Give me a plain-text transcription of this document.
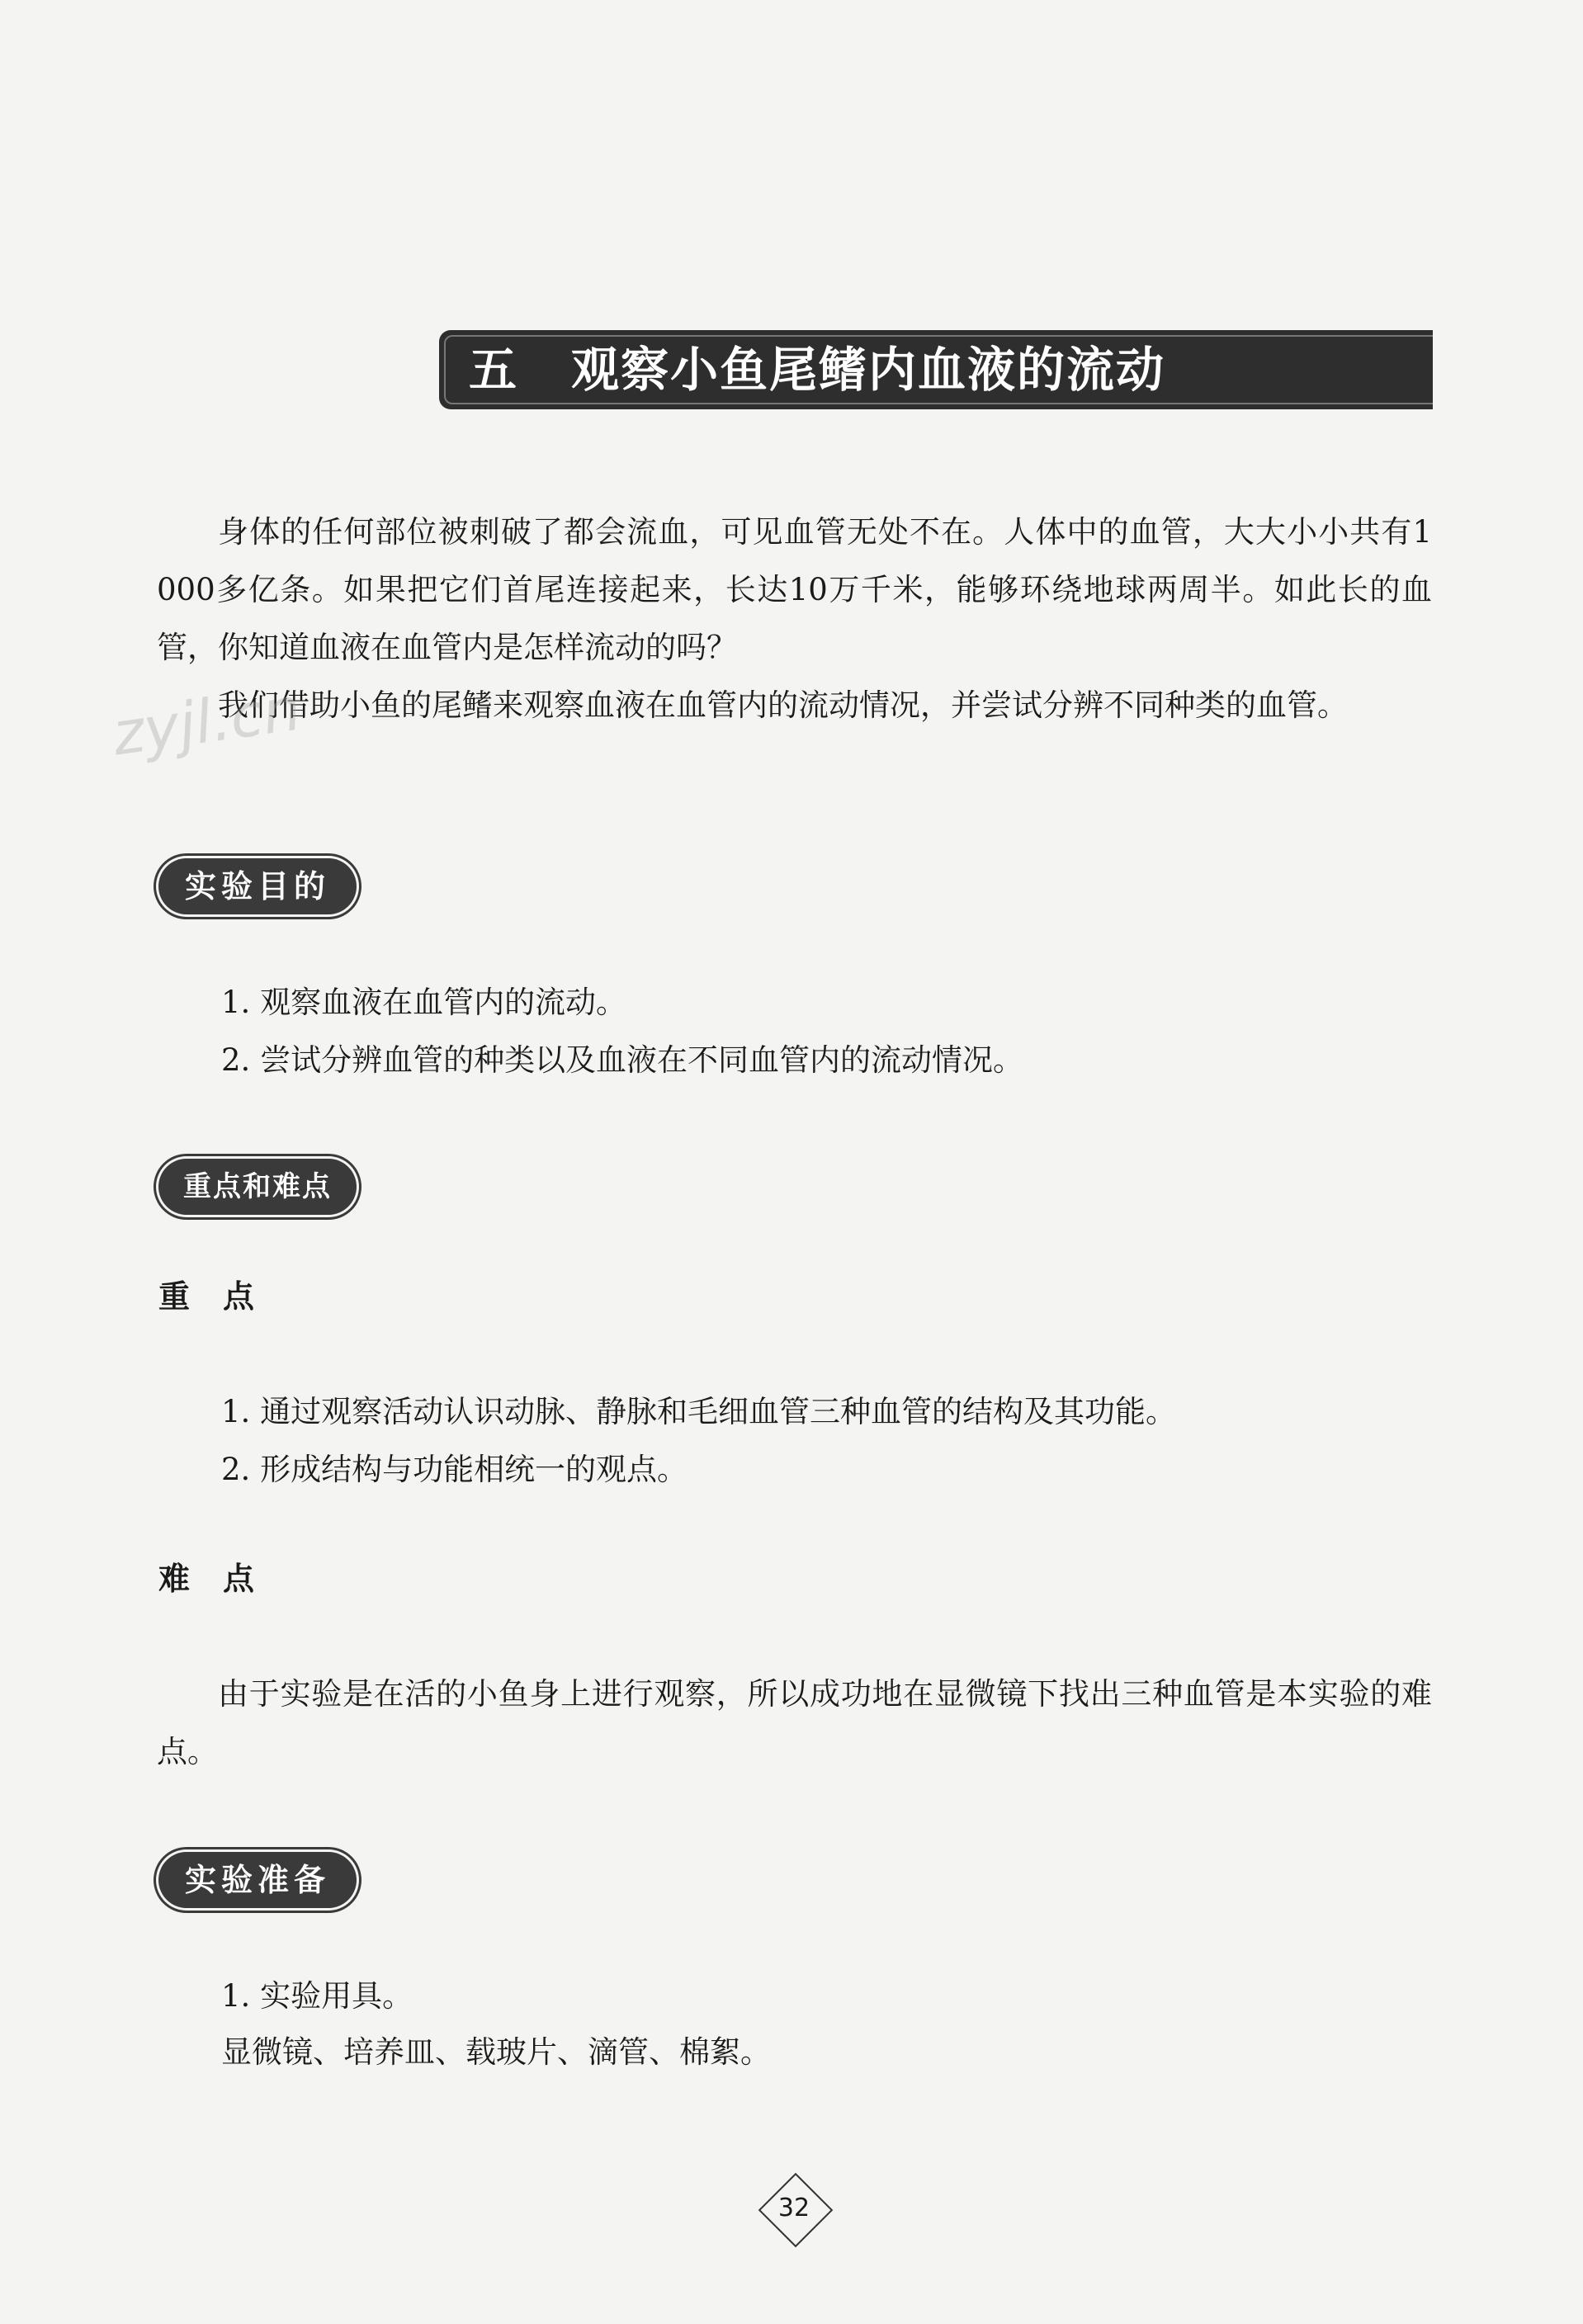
五 观察小鱼尾鳍内血液的流动
身体的任何部位被刺破了都会流血，可见血管无处不在。人体中的血管，大大小小共有1 000多亿条。如果把它们首尾连接起来，长达10万千米，能够环绕地球两周半。如此长的血管，你知道血液在血管内是怎样流动的吗？
我们借助小鱼的尾鳍来观察血液在血管内的流动情况，并尝试分辨不同种类的血管。
zyjl.cn
实验目的
1. 观察血液在血管内的流动。
2. 尝试分辨血管的种类以及血液在不同血管内的流动情况。
重点和难点
重点
1. 通过观察活动认识动脉、静脉和毛细血管三种血管的结构及其功能。
2. 形成结构与功能相统一的观点。
难点
由于实验是在活的小鱼身上进行观察，所以成功地在显微镜下找出三种血管是本实验的难点。
实验准备
1. 实验用具。
显微镜、培养皿、载玻片、滴管、棉絮。
32
